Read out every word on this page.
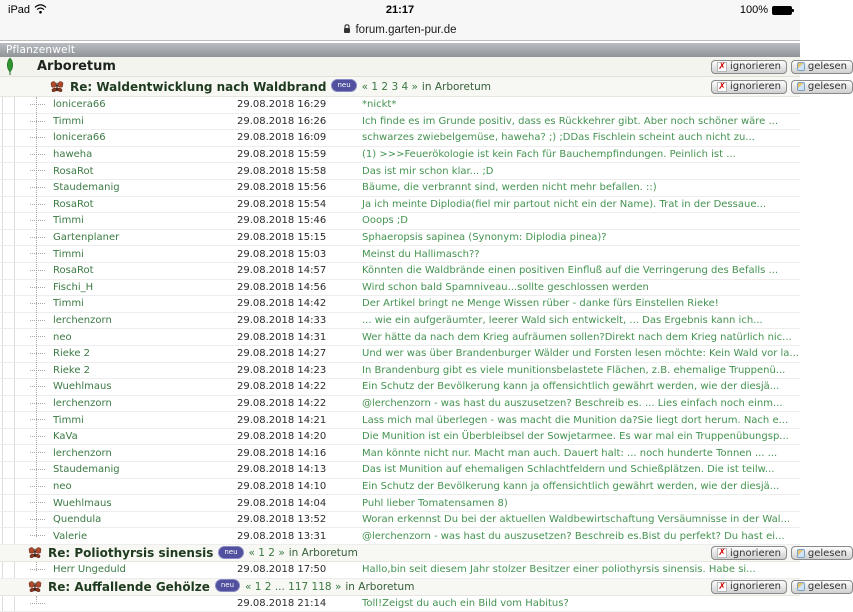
iPad	21:17	100%
forum.garten-pur.de
Pflanzenwelt
Arboretum	✗ ignorieren	gelesen
Re: Waldentwicklung nach Waldbrand	neu	« 1 2 3 4 » in Arboretum	✗ ignorieren	gelesen
lonicera66	29.08.2018 16:29	*nickt*
Timmi	29.08.2018 16:26	Ich finde es im Grunde positiv, dass es Rückkehrer gibt. Aber noch schöner wäre ...
lonicera66	29.08.2018 16:09	schwarzes zwiebelgemüse, haweha? ;) ;DDas Fischlein scheint auch nicht zu...
haweha	29.08.2018 15:59	(1) >>>Feuerökologie ist kein Fach für Bauchempfindungen. Peinlich ist ...
RosaRot	29.08.2018 15:58	Das ist mir schon klar... ;D
Staudemanig	29.08.2018 15:56	Bäume, die verbrannt sind, werden nicht mehr befallen. ::)
RosaRot	29.08.2018 15:54	Ja ich meinte Diplodia(fiel mir partout nicht ein der Name). Trat in der Dessaue...
Timmi	29.08.2018 15:46	Ooops ;D
Gartenplaner	29.08.2018 15:15	Sphaeropsis sapinea (Synonym: Diplodia pinea)?
Timmi	29.08.2018 15:03	Meinst du Hallimasch??
RosaRot	29.08.2018 14:57	Könnten die Waldbrände einen positiven Einfluß auf die Verringerung des Befalls ...
Fischi_H	29.08.2018 14:56	Wird schon bald Spamniveau...sollte geschlossen werden
Timmi	29.08.2018 14:42	Der Artikel bringt ne Menge Wissen rüber - danke fürs Einstellen Rieke!
lerchenzorn	29.08.2018 14:33	... wie ein aufgeräumter, leerer Wald sich entwickelt, ... Das Ergebnis kann ich...
neo	29.08.2018 14:31	Wer hätte da nach dem Krieg aufräumen sollen?Direkt nach dem Krieg natürlich nic...
Rieke 2	29.08.2018 14:27	Und wer was über Brandenburger Wälder und Forsten lesen möchte: Kein Wald vor la...
Rieke 2	29.08.2018 14:23	In Brandenburg gibt es viele munitionsbelastete Flächen, z.B. ehemalige Truppenü...
Wuehlmaus	29.08.2018 14:22	Ein Schutz der Bevölkerung kann ja offensichtlich gewährt werden, wie der diesjä...
lerchenzorn	29.08.2018 14:22	@lerchenzorn - was hast du auszusetzen? Beschreib es. ... Lies einfach noch einm...
Timmi	29.08.2018 14:21	Lass mich mal überlegen - was macht die Munition da?Sie liegt dort herum. Nach e...
KaVa	29.08.2018 14:20	Die Munition ist ein Überbleibsel der Sowjetarmee. Es war mal ein Truppenübungsp...
lerchenzorn	29.08.2018 14:16	Man könnte nicht nur. Macht man auch. Dauert halt: ... noch hunderte Tonnen ... ...
Staudemanig	29.08.2018 14:13	Das ist Munition auf ehemaligen Schlachtfeldern und Schießplätzen. Die ist teilw...
neo	29.08.2018 14:10	Ein Schutz der Bevölkerung kann ja offensichtlich gewährt werden, wie der diesjä...
Wuehlmaus	29.08.2018 14:04	Puhl lieber Tomatensamen 8)
Quendula	29.08.2018 13:52	Woran erkennst Du bei der aktuellen Waldbewirtschaftung Versäumnisse in der Wal...
Valerie	29.08.2018 13:31	@lerchenzorn - was hast du auszusetzen? Beschreib es.Bist du perfekt? Du hast ei...
Re: Poliothyrsis sinensis	neu	« 1 2 » in Arboretum	✗ ignorieren	gelesen
Herr Ungeduld	29.08.2018 17:50	Hallo,bin seit diesem Jahr stolzer Besitzer einer poliothyrsis sinensis. Habe si...
Re: Auffallende Gehölze	neu	« 1 2 ... 117 118 » in Arboretum	✗ ignorieren	gelesen
29.08.2018 21:14	Toll!Zeigst du auch ein Bild vom Habitus?
